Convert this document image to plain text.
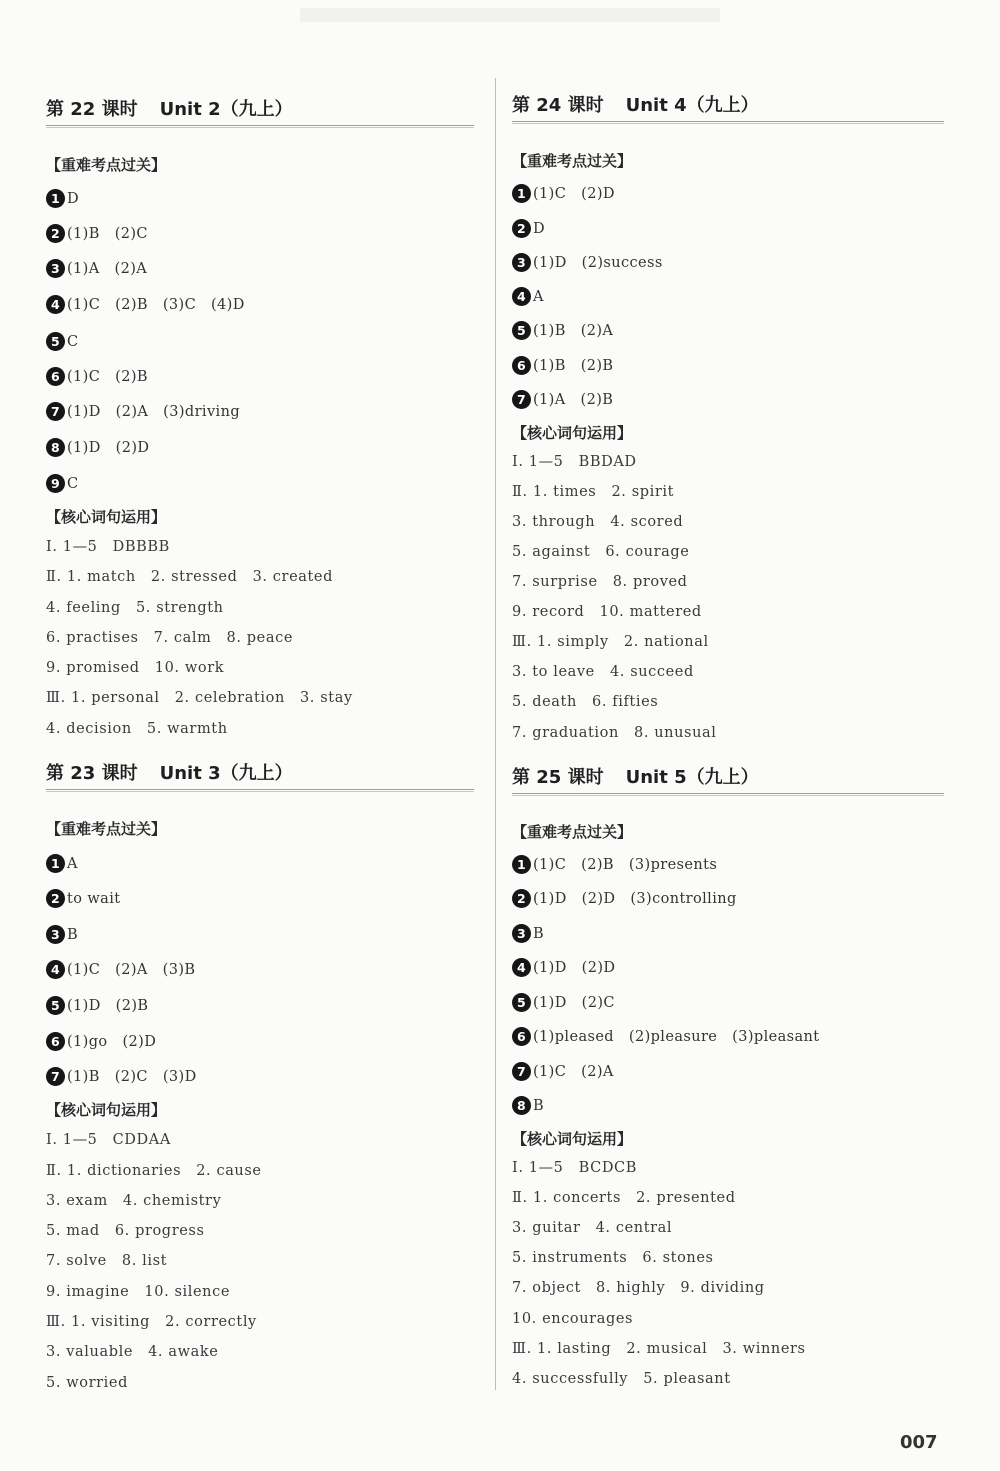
第 22 课时 Unit 2（九上）
【重难考点过关】
1 D
2 (1)B　(2)C
3 (1)A　(2)A
4 (1)C　(2)B　(3)C　(4)D
5 C
6 (1)C　(2)B
7 (1)D　(2)A　(3)driving
8 (1)D　(2)D
9 C
【核心词句运用】
Ⅰ. 1—5　DBBBB
Ⅱ. 1. match　2. stressed　3. created
4. feeling　5. strength
6. practises　7. calm　8. peace
9. promised　10. work
Ⅲ. 1. personal　2. celebration　3. stay
4. decision　5. warmth
第 23 课时 Unit 3（九上）
【重难考点过关】
1 A
2 to wait
3 B
4 (1)C　(2)A　(3)B
5 (1)D　(2)B
6 (1)go　(2)D
7 (1)B　(2)C　(3)D
【核心词句运用】
Ⅰ. 1—5　CDDAA
Ⅱ. 1. dictionaries　2. cause
3. exam　4. chemistry
5. mad　6. progress
7. solve　8. list
9. imagine　10. silence
Ⅲ. 1. visiting　2. correctly
3. valuable　4. awake
5. worried
第 24 课时 Unit 4（九上）
【重难考点过关】
1 (1)C　(2)D
2 D
3 (1)D　(2)success
4 A
5 (1)B　(2)A
6 (1)B　(2)B
7 (1)A　(2)B
【核心词句运用】
Ⅰ. 1—5　BBDAD
Ⅱ. 1. times　2. spirit
3. through　4. scored
5. against　6. courage
7. surprise　8. proved
9. record　10. mattered
Ⅲ. 1. simply　2. national
3. to leave　4. succeed
5. death　6. fifties
7. graduation　8. unusual
第 25 课时 Unit 5（九上）
【重难考点过关】
1 (1)C　(2)B　(3)presents
2 (1)D　(2)D　(3)controlling
3 B
4 (1)D　(2)D
5 (1)D　(2)C
6 (1)pleased　(2)pleasure　(3)pleasant
7 (1)C　(2)A
8 B
【核心词句运用】
Ⅰ. 1—5　BCDCB
Ⅱ. 1. concerts　2. presented
3. guitar　4. central
5. instruments　6. stones
7. object　8. highly　9. dividing
10. encourages
Ⅲ. 1. lasting　2. musical　3. winners
4. successfully　5. pleasant
007
